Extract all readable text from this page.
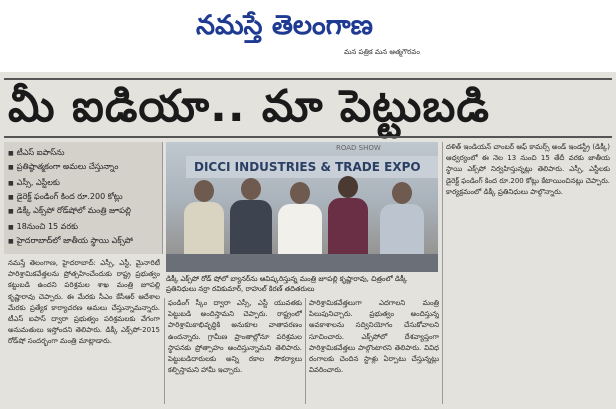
నమస్తే తెలంగాణ
మన పత్రిక మన ఆత్మగౌరవం
మీ ఐడియా.. మా పెట్టుబడి
■ టీఎస్ ఐపాస్‌ను
■ ప్రతిష్ఠాత్మకంగా అమలు చేస్తున్నాం
■ ఎస్సీ, ఎస్టీలకు
■ డైరెక్ట్ ఫండింగ్ కింద రూ.200 కోట్లు
■ డిక్కీ ఎక్స్‌పో రోడ్‌షోలో మంత్రి జూపల్లి
■ 18నుంచి 15 వరకు
■ హైదరాబాద్‌లో జాతీయ స్థాయి ఎక్స్‌పో
ROAD SHOW
DICCI INDUSTRIES & TRADE EXPO
డిక్కీ ఎక్స్‌పో రోడ్ షోలో బ్యానర్‌ను ఆవిష్కరిస్తున్న మంత్రి జూపల్లి కృష్ణారావు, చిత్రంలో డిక్కీ ప్రతినిధులు నర్రా రవికుమార్, రాహుల్ కిరణ్ తదితరులు

నమస్తే తెలంగాణ, హైదరాబాద్: ఎస్సీ, ఎస్టీ, మైనారిటీ పారిశ్రామికవేత్తలను ప్రోత్సహించేందుకు రాష్ట్ర ప్రభుత్వం కట్టుబడి ఉందని పరిశ్రమల శాఖ మంత్రి జూపల్లి కృష్ణారావు చెప్పారు. ఈ మేరకు సీఎం కేసీఆర్ ఆదేశాల మేరకు ప్రత్యేక కార్యాచరణ అమలు చేస్తున్నామన్నారు. టీఎస్ ఐపాస్ ద్వారా ప్రభుత్వం పరిశ్రమలకు వేగంగా అనుమతులు ఇస్తోందని తెలిపారు. డిక్కీ ఎక్స్‌పో-2015 రోడ్‌షో సందర్భంగా మంత్రి మాట్లాడారు.

ఫండింగ్ స్కీం ద్వారా ఎస్సీ, ఎస్టీ యువతకు పెట్టుబడి అందిస్తామని చెప్పారు. రాష్ట్రంలో పారిశ్రామికాభివృద్ధికి అనుకూల వాతావరణం ఉందన్నారు. గ్రామీణ ప్రాంతాల్లోనూ పరిశ్రమల స్థాపనకు ప్రోత్సాహం అందిస్తున్నామని తెలిపారు. పెట్టుబడిదారులకు అన్ని రకాల సౌకర్యాలు కల్పిస్తామని హామీ ఇచ్చారు.

పారిశ్రామికవేత్తలుగా ఎదగాలని మంత్రి పిలుపునిచ్చారు. ప్రభుత్వం అందిస్తున్న అవకాశాలను సద్వినియోగం చేసుకోవాలని సూచించారు. ఎక్స్‌పోలో దేశవ్యాప్తంగా పారిశ్రామికవేత్తలు పాల్గొంటారని తెలిపారు. వివిధ రంగాలకు చెందిన స్టాళ్లు ఏర్పాటు చేస్తున్నట్లు వివరించారు.

దళిత్ ఇండియన్ చాంబర్ ఆఫ్ కామర్స్ అండ్ ఇండస్ట్రీ (డిక్కీ) ఆధ్వర్యంలో ఈ నెల 13 నుంచి 15 తేదీ వరకు జాతీయ స్థాయి ఎక్స్‌పో నిర్వహిస్తున్నట్లు తెలిపారు. ఎస్సీ, ఎస్టీలకు డైరెక్ట్ ఫండింగ్ కింద రూ.200 కోట్లు కేటాయించినట్లు చెప్పారు. కార్యక్రమంలో డిక్కీ ప్రతినిధులు పాల్గొన్నారు.
